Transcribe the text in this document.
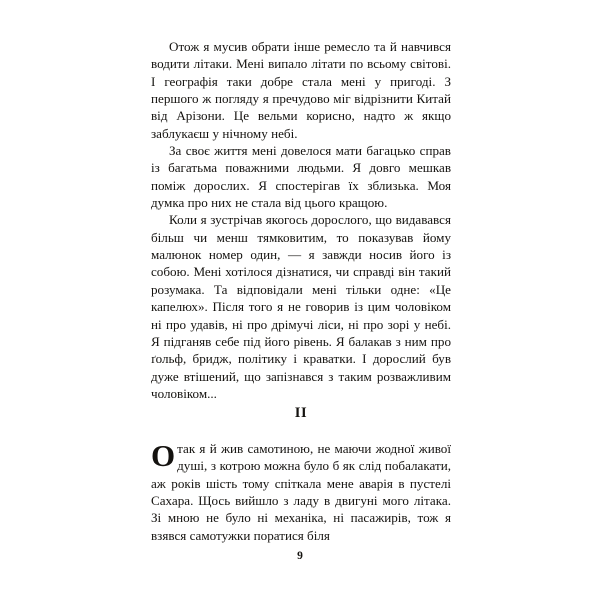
Отож я мусив обрати інше ремесло та й навчився водити літаки. Мені випало літати по всьому світові. І географія таки добре стала мені у пригоді. З першого ж погляду я пречудово міг відрізнити Китай від Арізони. Це вельми корисно, надто ж якщо заблукаєш у нічному небі.

За своє життя мені довелося мати багацько справ із багатьма поважними людьми. Я довго мешкав поміж дорослих. Я спостерігав їх зблизька. Моя думка про них не стала від цього кращою.

Коли я зустрічав якогось дорослого, що видавався більш чи менш тямковитим, то показував йому малюнок номер один, — я завжди носив його із собою. Мені хотілося дізнатися, чи справді він такий розумака. Та відповідали мені тільки одне: «Це капелюх». Після того я не говорив із цим чоловіком ні про удавів, ні про дрімучі ліси, ні про зорі у небі. Я підганяв себе під його рівень. Я балакав з ним про ґольф, бридж, політику і краватки. І дорослий був дуже втішений, що запізнався з таким розважливим чоловіком...

II

Отак я й жив самотиною, не маючи жодної живої душі, з котрою можна було б як слід побалакати, аж років шість тому спіткала мене аварія в пустелі Сахара. Щось вийшло з ладу в двигуні мого літака. Зі мною не було ні механіка, ні пасажирів, тож я взявся самотужки поратися біля

9
